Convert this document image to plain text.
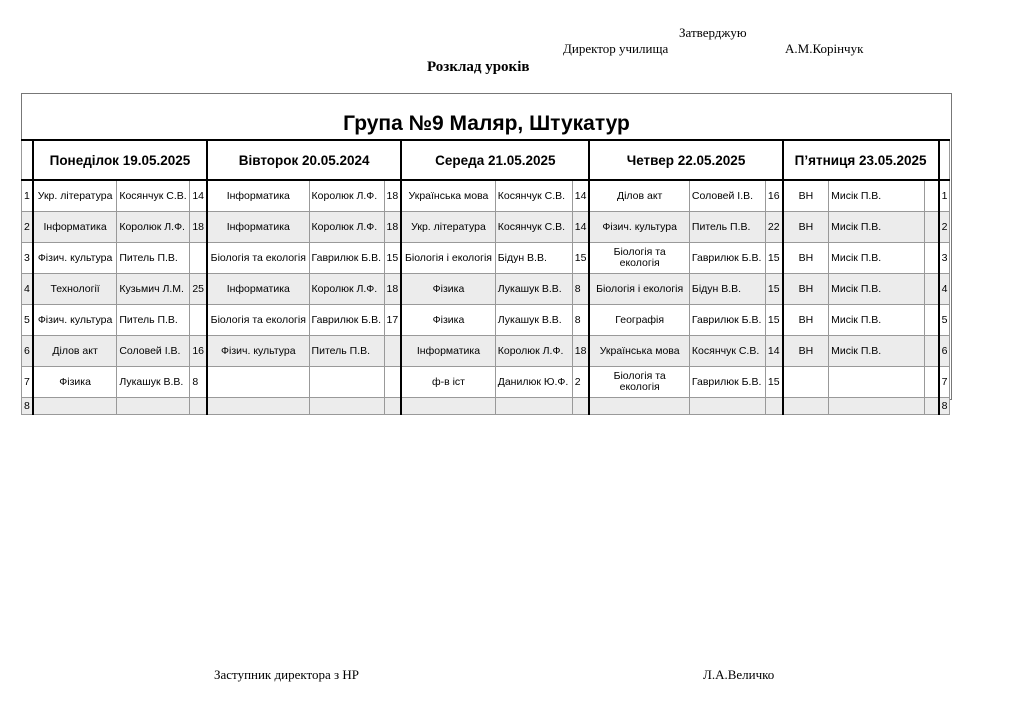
Затверджую
Директор училища	А.М.Корінчук
Розклад уроків
Група №9 Маляр, Штукатур
	Понеділок 19.05.2025			Вівторок 20.05.2024			Середа 21.05.2025			Четвер 22.05.2025			П’ятниця 23.05.2025			
1	Укр. література	Косянчук С.В.	14	Інформатика	Королюк Л.Ф.	18	Українська мова	Косянчук С.В.	14	Ділов акт	Соловей І.В.	16	ВН	Мисік П.В.		1
2	Інформатика	Королюк Л.Ф.	18	Інформатика	Королюк Л.Ф.	18	Укр. література	Косянчук С.В.	14	Фізич. культура	Питель П.В.	22	ВН	Мисік П.В.		2
3	Фізич. культура	Питель П.В.		Біологія та екологія	Гаврилюк Б.В.	15	Біологія і екологія	Бідун В.В.	15	Біологія та екологія	Гаврилюк Б.В.	15	ВН	Мисік П.В.		3
4	Технології	Кузьмич Л.М.	25	Інформатика	Королюк Л.Ф.	18	Фізика	Лукашук В.В.	8	Біологія і екологія	Бідун В.В.	15	ВН	Мисік П.В.		4
5	Фізич. культура	Питель П.В.		Біологія та екологія	Гаврилюк Б.В.	17	Фізика	Лукашук В.В.	8	Географія	Гаврилюк Б.В.	15	ВН	Мисік П.В.		5
6	Ділов акт	Соловей І.В.	16	Фізич. культура	Питель П.В.		Інформатика	Королюк Л.Ф.	18	Українська мова	Косянчук С.В.	14	ВН	Мисік П.В.		6
7	Фізика	Лукашук В.В.	8				ф-в іст	Данилюк Ю.Ф.	2	Біологія та екологія	Гаврилюк Б.В.	15				7
8																8
Заступник директора з НР	Л.А.Величко
